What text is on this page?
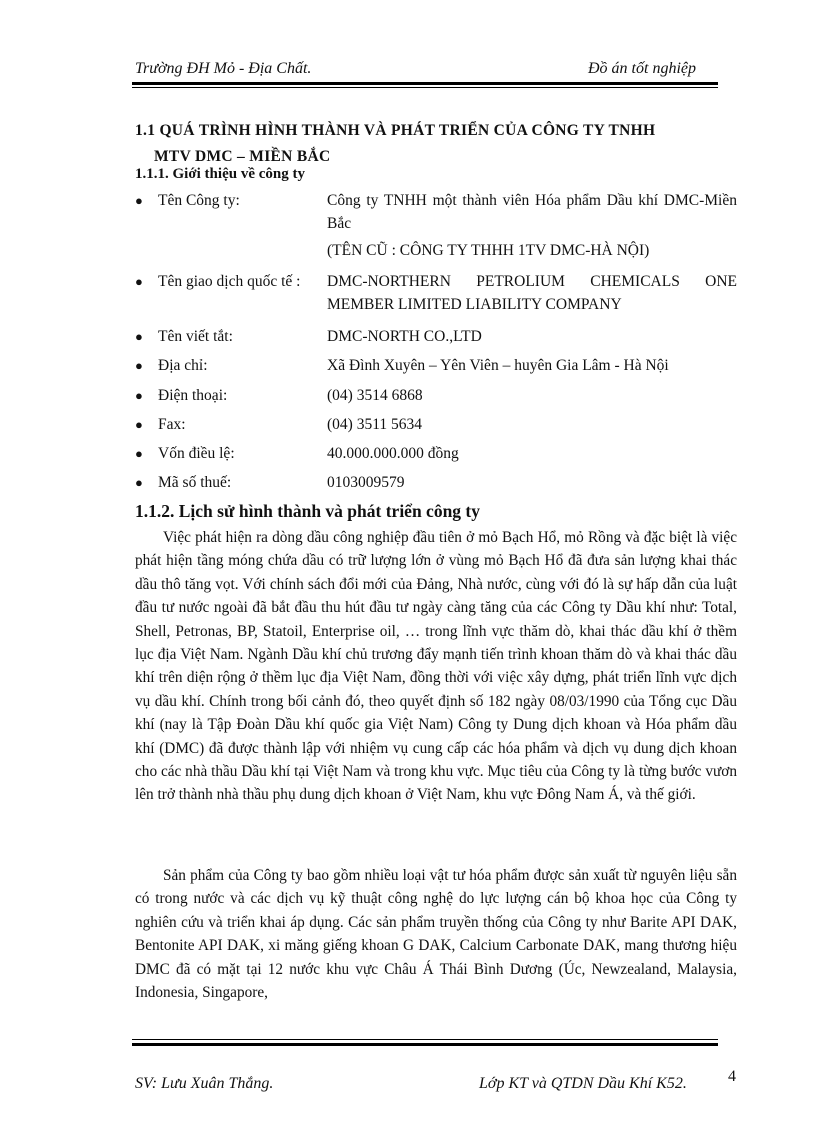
Trường ĐH Mỏ - Địa Chất.	Đồ án tốt nghiệp
1.1 QUÁ TRÌNH HÌNH THÀNH VÀ PHÁT TRIỂN CỦA CÔNG TY TNHH
MTV DMC – MIỀN BẮC
1.1.1. Giới thiệu về công ty
● Tên Công ty:	Công ty TNHH một thành viên Hóa phẩm Dầu khí DMC-Miền Bắc
(TÊN CŨ : CÔNG TY THHH 1TV DMC-HÀ NỘI)
● Tên giao dịch quốc tế : DMC-NORTHERN PETROLIUM CHEMICALS ONE MEMBER LIMITED LIABILITY COMPANY
● Tên viết tắt:	DMC-NORTH CO.,LTD
● Địa chỉ:	Xã Đình Xuyên – Yên Viên – huyên Gia Lâm - Hà Nội
● Điện thoại:	(04) 3514 6868
● Fax:	(04) 3511 5634
● Vốn điều lệ:	40.000.000.000 đồng
● Mã số thuế:	0103009579
1.1.2. Lịch sử hình thành và phát triển công ty

Việc phát hiện ra dòng dầu công nghiệp đầu tiên ở mỏ Bạch Hổ, mỏ Rồng và đặc biệt là việc phát hiện tầng móng chứa dầu có trữ lượng lớn ở vùng mỏ Bạch Hổ đã đưa sản lượng khai thác dầu thô tăng vọt. Với chính sách đổi mới của Đảng, Nhà nước, cùng với đó là sự hấp dẫn của luật đầu tư nước ngoài đã bắt đầu thu hút đầu tư ngày càng tăng của các Công ty Dầu khí như: Total, Shell, Petronas, BP, Statoil, Enterprise oil, … trong lĩnh vực thăm dò, khai thác dầu khí ở thềm lục địa Việt Nam. Ngành Dầu khí chủ trương đẩy mạnh tiến trình khoan thăm dò và khai thác dầu khí trên diện rộng ở thềm lục địa Việt Nam, đồng thời với việc xây dựng, phát triển lĩnh vực dịch vụ dầu khí. Chính trong bối cảnh đó, theo quyết định số 182 ngày 08/03/1990 của Tổng cục Dầu khí (nay là Tập Đoàn Dầu khí quốc gia Việt Nam) Công ty Dung dịch khoan và Hóa phẩm dầu khí (DMC) đã được thành lập với nhiệm vụ cung cấp các hóa phẩm và dịch vụ dung dịch khoan cho các nhà thầu Dầu khí tại Việt Nam và trong khu vực. Mục tiêu của Công ty là từng bước vươn lên trở thành nhà thầu phụ dung dịch khoan ở Việt Nam, khu vực Đông Nam Á, và thế giới.

Sản phẩm của Công ty bao gồm nhiều loại vật tư hóa phẩm được sản xuất từ nguyên liệu sẵn có trong nước và các dịch vụ kỹ thuật công nghệ do lực lượng cán bộ khoa học của Công ty nghiên cứu và triển khai áp dụng. Các sản phẩm truyền thống của Công ty như Barite API DAK, Bentonite API DAK, xi măng giếng khoan G DAK, Calcium Carbonate DAK, mang thương hiệu DMC đã có mặt tại 12 nước khu vực Châu Á Thái Bình Dương (Úc, Newzealand, Malaysia, Indonesia, Singapore,

SV: Lưu Xuân Thắng.	Lớp KT và QTDN Dầu Khí K52.	4
